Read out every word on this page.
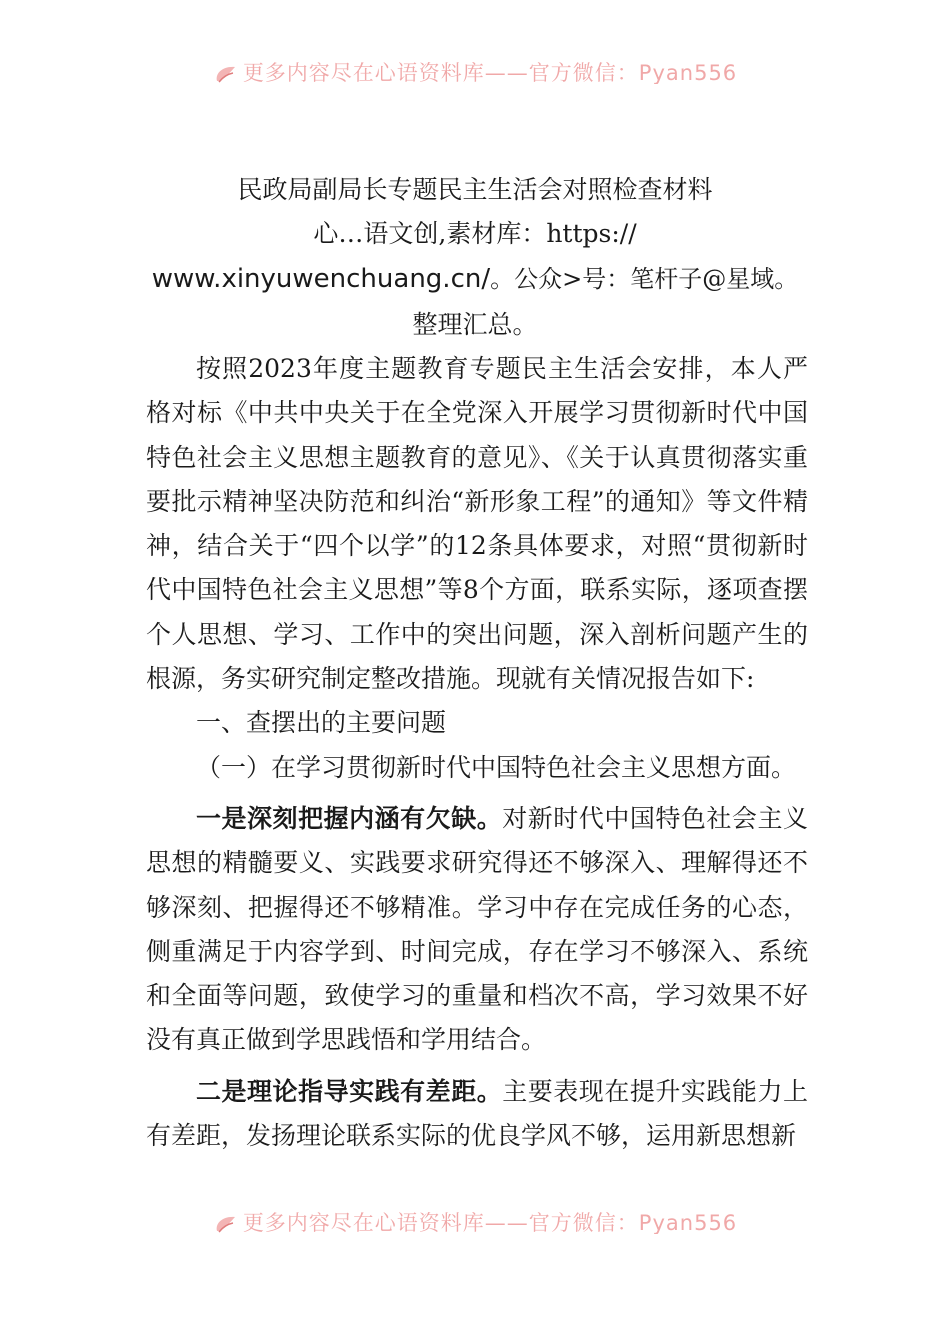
更多内容尽在心语资料库——官方微信：Pyan556
民政局副局长专题民主生活会对照检查材料
心…语文创,素材库：https://
www.xinyuwenchuang.cn/。公众>号：笔杆子@星域。
整理汇总。

按照2023年度主题教育专题民主生活会安排，本人严格对标《中共中央关于在全党深入开展学习贯彻新时代中国特色社会主义思想主题教育的意见》、《关于认真贯彻落实重要批示精神坚决防范和纠治“新形象工程”的通知》等文件精神，结合关于“四个以学”的12条具体要求，对照“贯彻新时代中国特色社会主义思想”等8个方面，联系实际，逐项查摆个人思想、学习、工作中的突出问题，深入剖析问题产生的根源，务实研究制定整改措施。现就有关情况报告如下:

一、查摆出的主要问题

（一）在学习贯彻新时代中国特色社会主义思想方面。

一是深刻把握内涵有欠缺。对新时代中国特色社会主义思想的精髓要义、实践要求研究得还不够深入、理解得还不够深刻、把握得还不够精准。学习中存在完成任务的心态，侧重满足于内容学到、时间完成，存在学习不够深入、系统和全面等问题，致使学习的重量和档次不高，学习效果不好没有真正做到学思践悟和学用结合。

二是理论指导实践有差距。主要表现在提升实践能力上有差距，发扬理论联系实际的优良学风不够，运用新思想新

更多内容尽在心语资料库——官方微信：Pyan556
